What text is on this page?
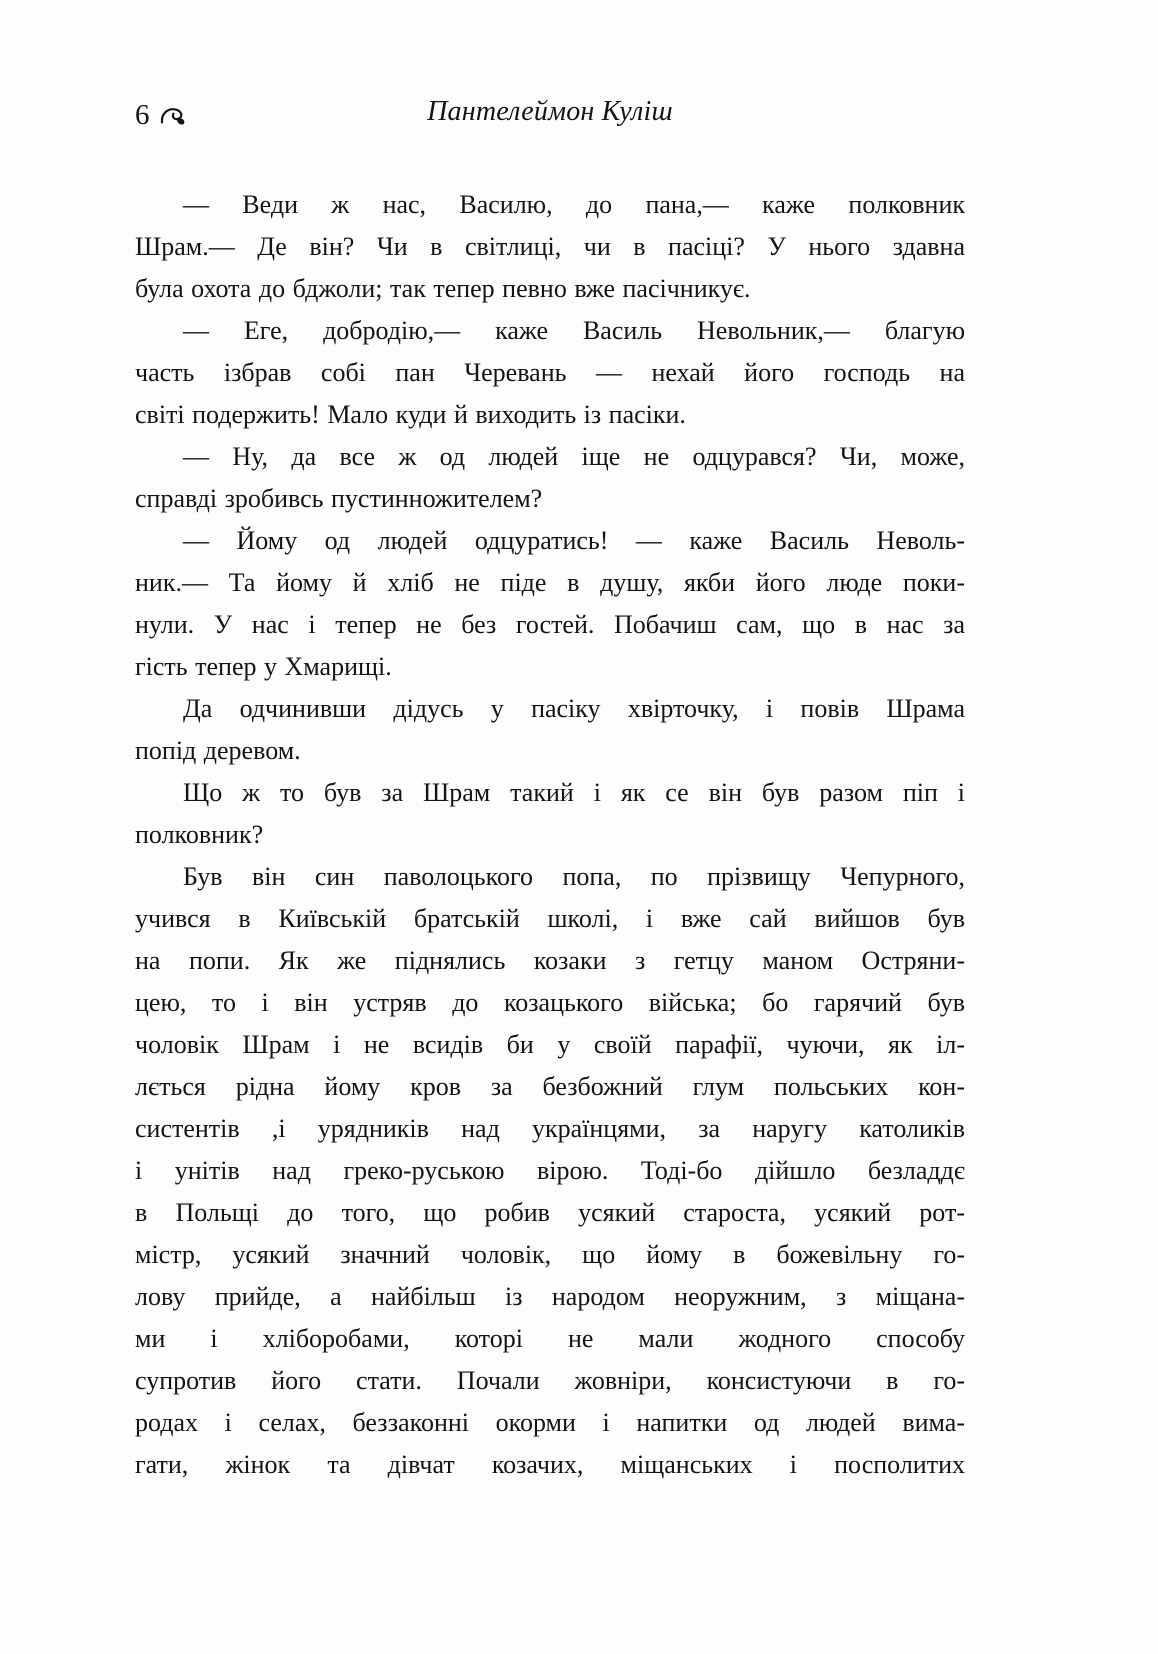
6	Пантелеймон Куліш
— Веди ж нас, Василю, до пана,— каже полковник
Шрам.— Де він? Чи в світлиці, чи в пасіці? У нього здавна
була охота до бджоли; так тепер певно вже пасічникує.
— Еге, добродію,— каже Василь Невольник,— благую
часть ізбрав собі пан Черевань — нехай його господь на
світі подержить! Мало куди й виходить із пасіки.
— Ну, да все ж од людей іще не одцурався? Чи, може,
справді зробивсь пустинножителем?
— Йому од людей одцуратись! — каже Василь Неволь-
ник.— Та йому й хліб не піде в душу, якби його люде поки-
нули. У нас і тепер не без гостей. Побачиш сам, що в нас за
гість тепер у Хмарищі.
Да одчинивши дідусь у пасіку хвірточку, і повів Шрама
попід деревом.
Що ж то був за Шрам такий і як се він був разом піп і
полковник?
Був він син паволоцького попа, по прізвищу Чепурного,
учився в Київській братській школі, і вже сай вийшов був
на попи. Як же піднялись козаки з гетцу маном Остряни-
цею, то і він устряв до козацького війська; бо гарячий був
чоловік Шрам і не всидів би у своїй парафії, чуючи, як іл-
лється рідна йому кров за безбожний глум польських кон-
систентів ,і урядників над українцями, за наругу католиків
і унітів над греко-руською вірою. Тоді-бо дійшло безладдє
в Польщі до того, що робив усякий староста, усякий рот-
містр, усякий значний чоловік, що йому в божевільну го-
лову прийде, а найбільш із народом неоружним, з міщана-
ми і хліборобами, которі не мали жодного способу
супротив його стати. Почали жовніри, консистуючи в го-
родах і селах, беззаконні окорми і напитки од людей вима-
гати, жінок та дівчат козачих, міщанських і посполитих
